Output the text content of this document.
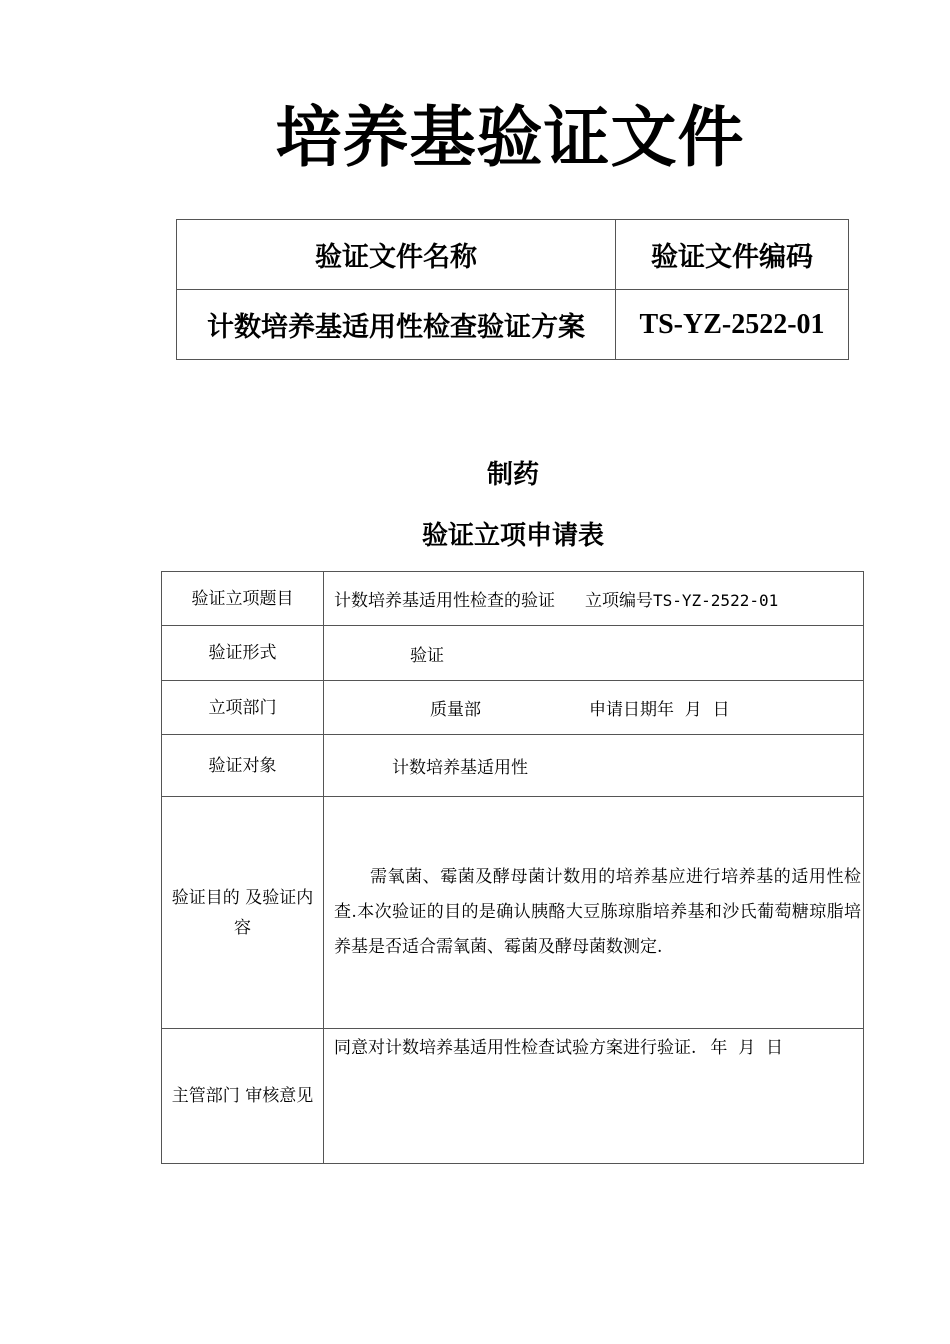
培养基验证文件
验证文件名称	验证文件编码
计数培养基适用性检查验证方案	TS-YZ-2522-01
制药
验证立项申请表
验证立项题目	计数培养基适用性检查的验证 立项编号TS-YZ-2522-01
验证形式	验证
立项部门	质量部 申请日期年  月  日
验证对象	计数培养基适用性
验证目的 及验证内容	需氧菌、霉菌及酵母菌计数用的培养基应进行培养基的适用性检查.本次验证的目的是确认胰酪大豆胨琼脂培养基和沙氏葡萄糖琼脂培养基是否适合需氧菌、霉菌及酵母菌数测定.

主管部门 审核意见	同意对计数培养基适用性检查试验方案进行验证. 年  月  日
